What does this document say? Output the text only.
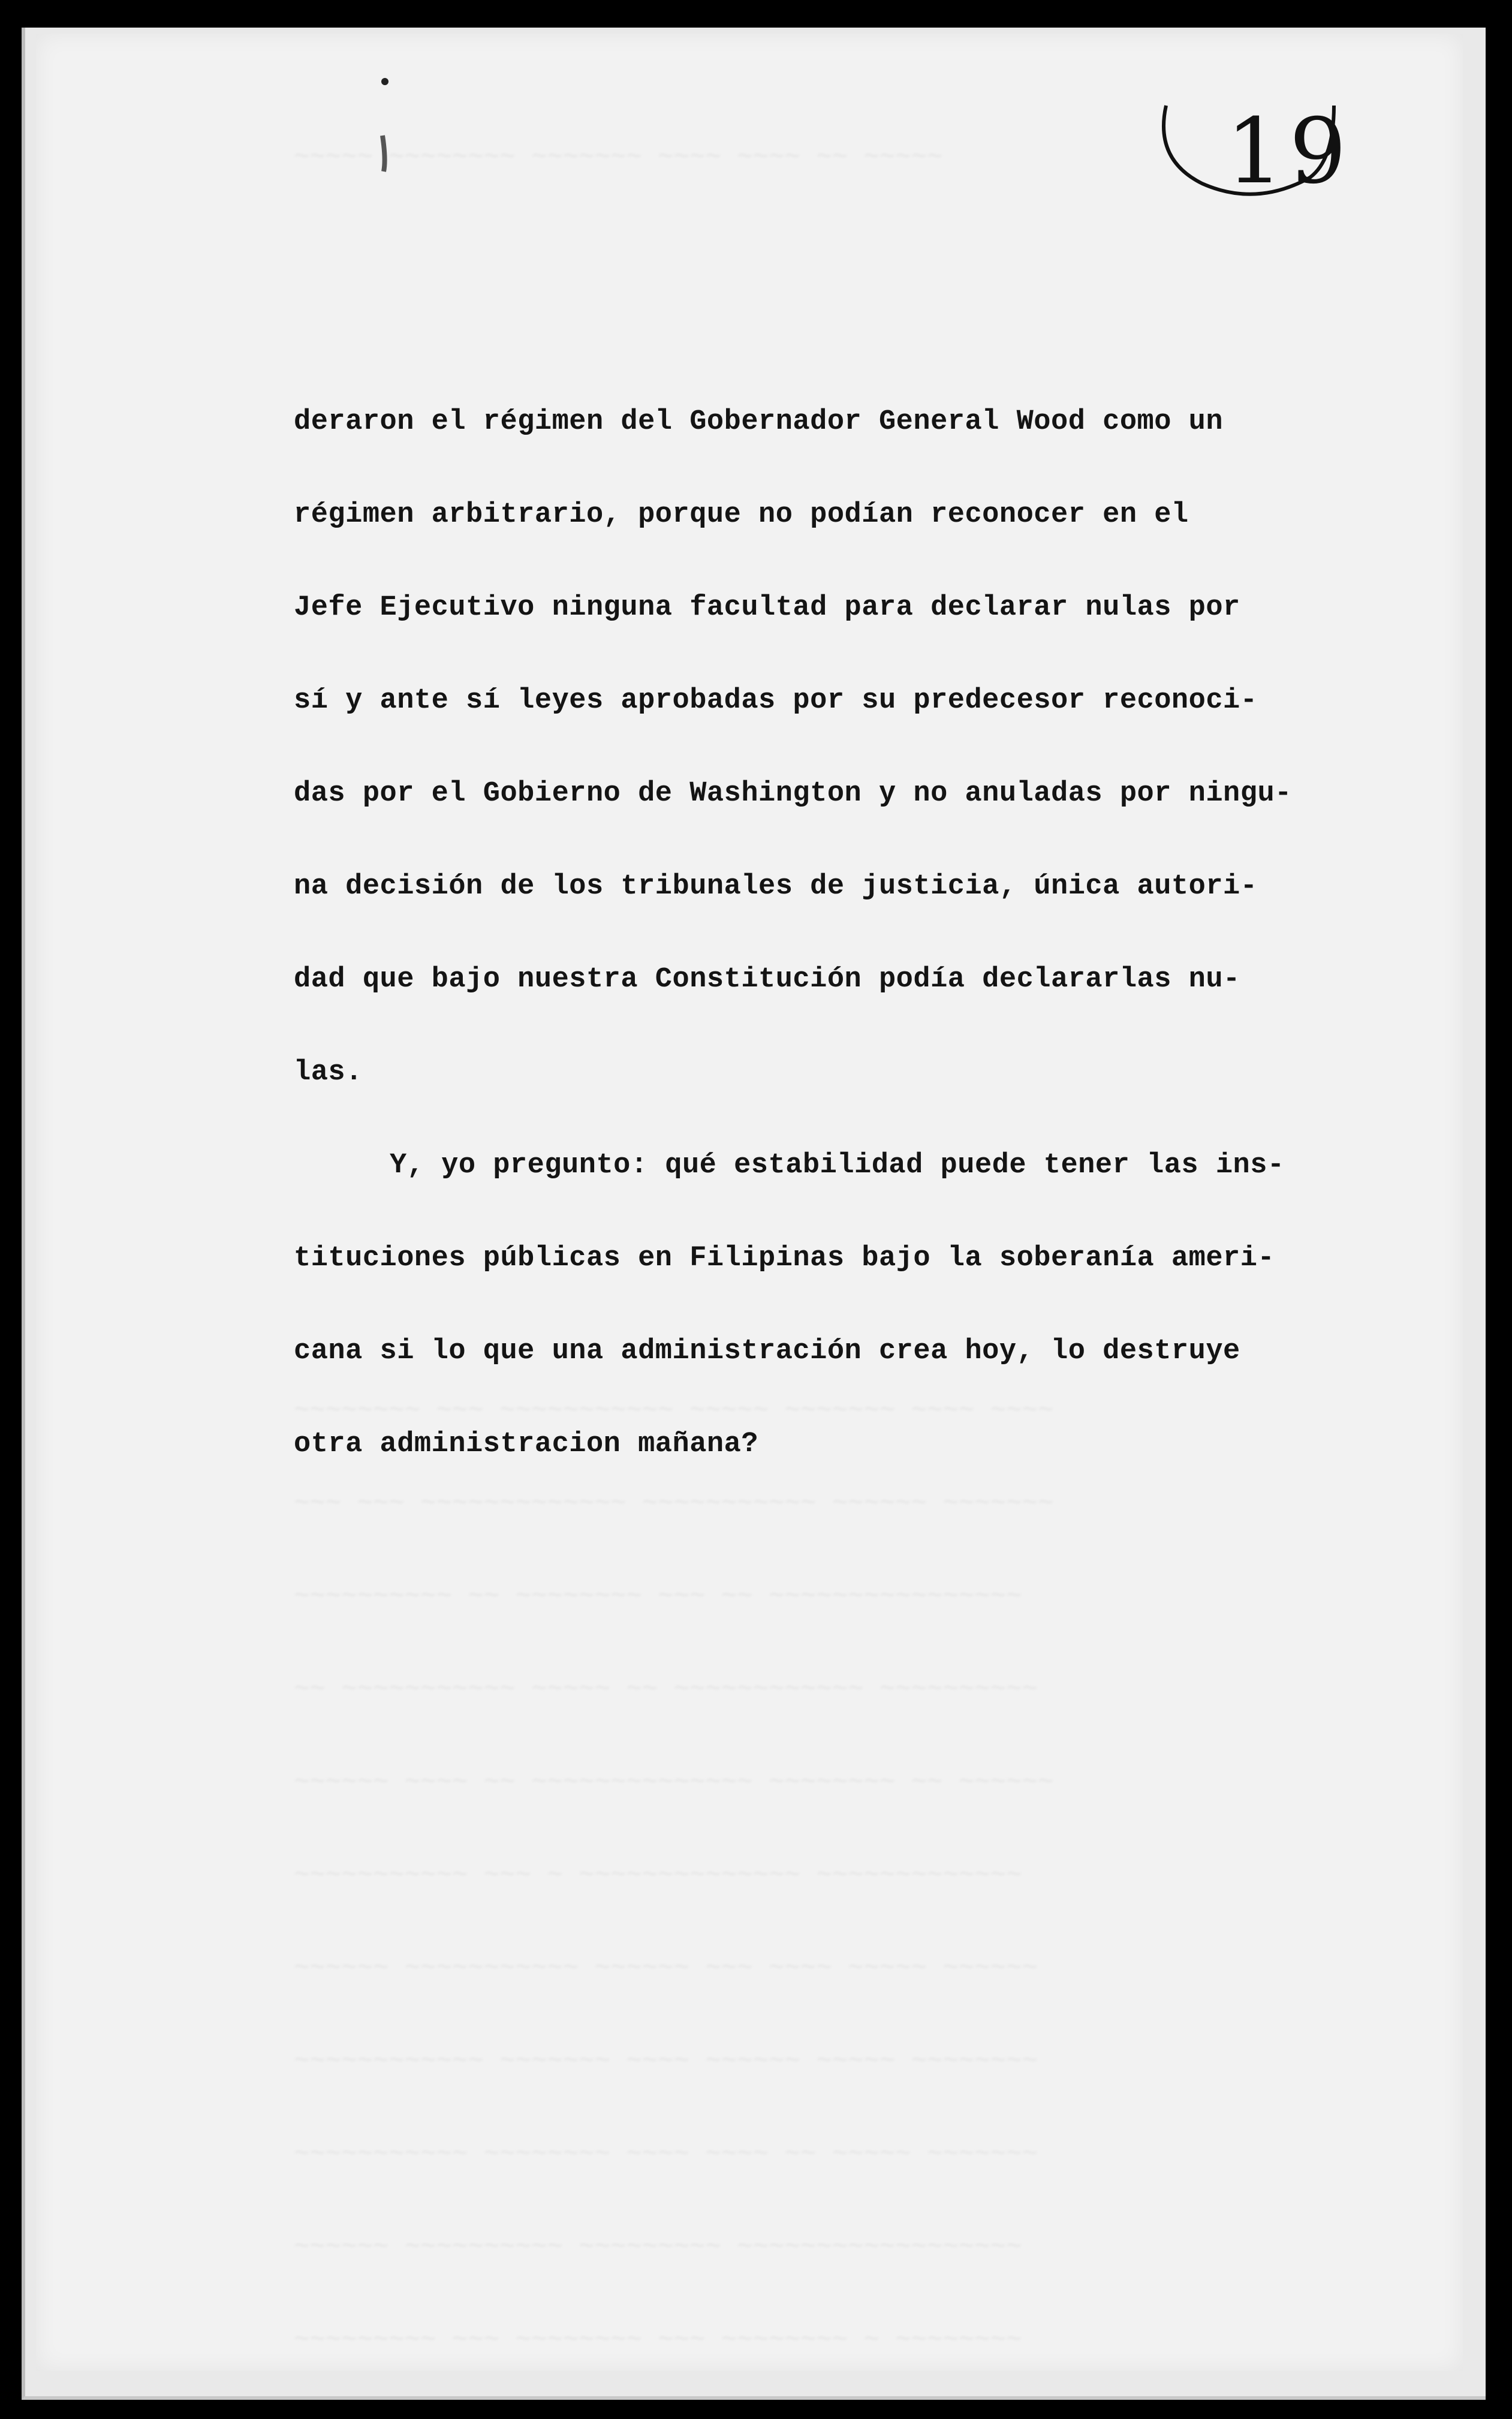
19
~~~~~ ~~~~~~~~ ~~~~~~~ ~~~~ ~~~~ ~~ ~~~~~
~~~~~~~~ ~~~ ~~~~~~~~~~~ ~~~~~ ~~~~~~~ ~~~~ ~~~~
~~~ ~~~ ~~~~~~~~~~~~~ ~~~~~~~~~~~ ~~~~~~ ~~~~~~~
~~~~~~~~~~ ~~ ~~~~~~~~ ~~~ ~~ ~~~~~~~~~~~~~~~~
~~ ~~~~~~~~~~~ ~~~~~ ~~ ~~~~~~~~~~~~ ~~~~~~~~~~
~~~~~~ ~~~~ ~~ ~~~~~~~~~~~~~~ ~~~~~~~~ ~~ ~~~~~~
~~~~~~~~~~~ ~~~ ~ ~~~~~~~~~~~~~~ ~~~~~~~~~~~~~
~~~~~~ ~~~~~~~~~~~ ~~~~~~ ~~~ ~~~~ ~~~~~ ~~~~~~
~~~~~~~~~~~~ ~~~~~~~ ~~~~ ~~~~~~ ~~~~~ ~~~~~~~~
~~~~~~~~~~~ ~~~~~~~~ ~~~~ ~~~~ ~~ ~~~~~ ~~~~~~~
~~~~~~ ~~~~~~~~~~ ~~~~~~~~~ ~~~~~~~~~~~~~~~~~~
~~~~~~~~~ ~~~ ~~~~~~~~ ~~~ ~~~~~~~~ ~ ~~~~~~~~
deraron el régimen del Gobernador General Wood como un
régimen arbitrario, porque no podían reconocer en el
Jefe Ejecutivo ninguna facultad para declarar nulas por
sí y ante sí leyes aprobadas por su predecesor reconoci-
das por el Gobierno de Washington y no anuladas por ningu-
na decisión de los tribunales de justicia, única autori-
dad que bajo nuestra Constitución podía declararlas nu-
las.
Y, yo pregunto: qué estabilidad puede tener las ins-
tituciones públicas en Filipinas bajo la soberanía ameri-
cana si lo que una administración crea hoy, lo destruye
otra administracion mañana?
